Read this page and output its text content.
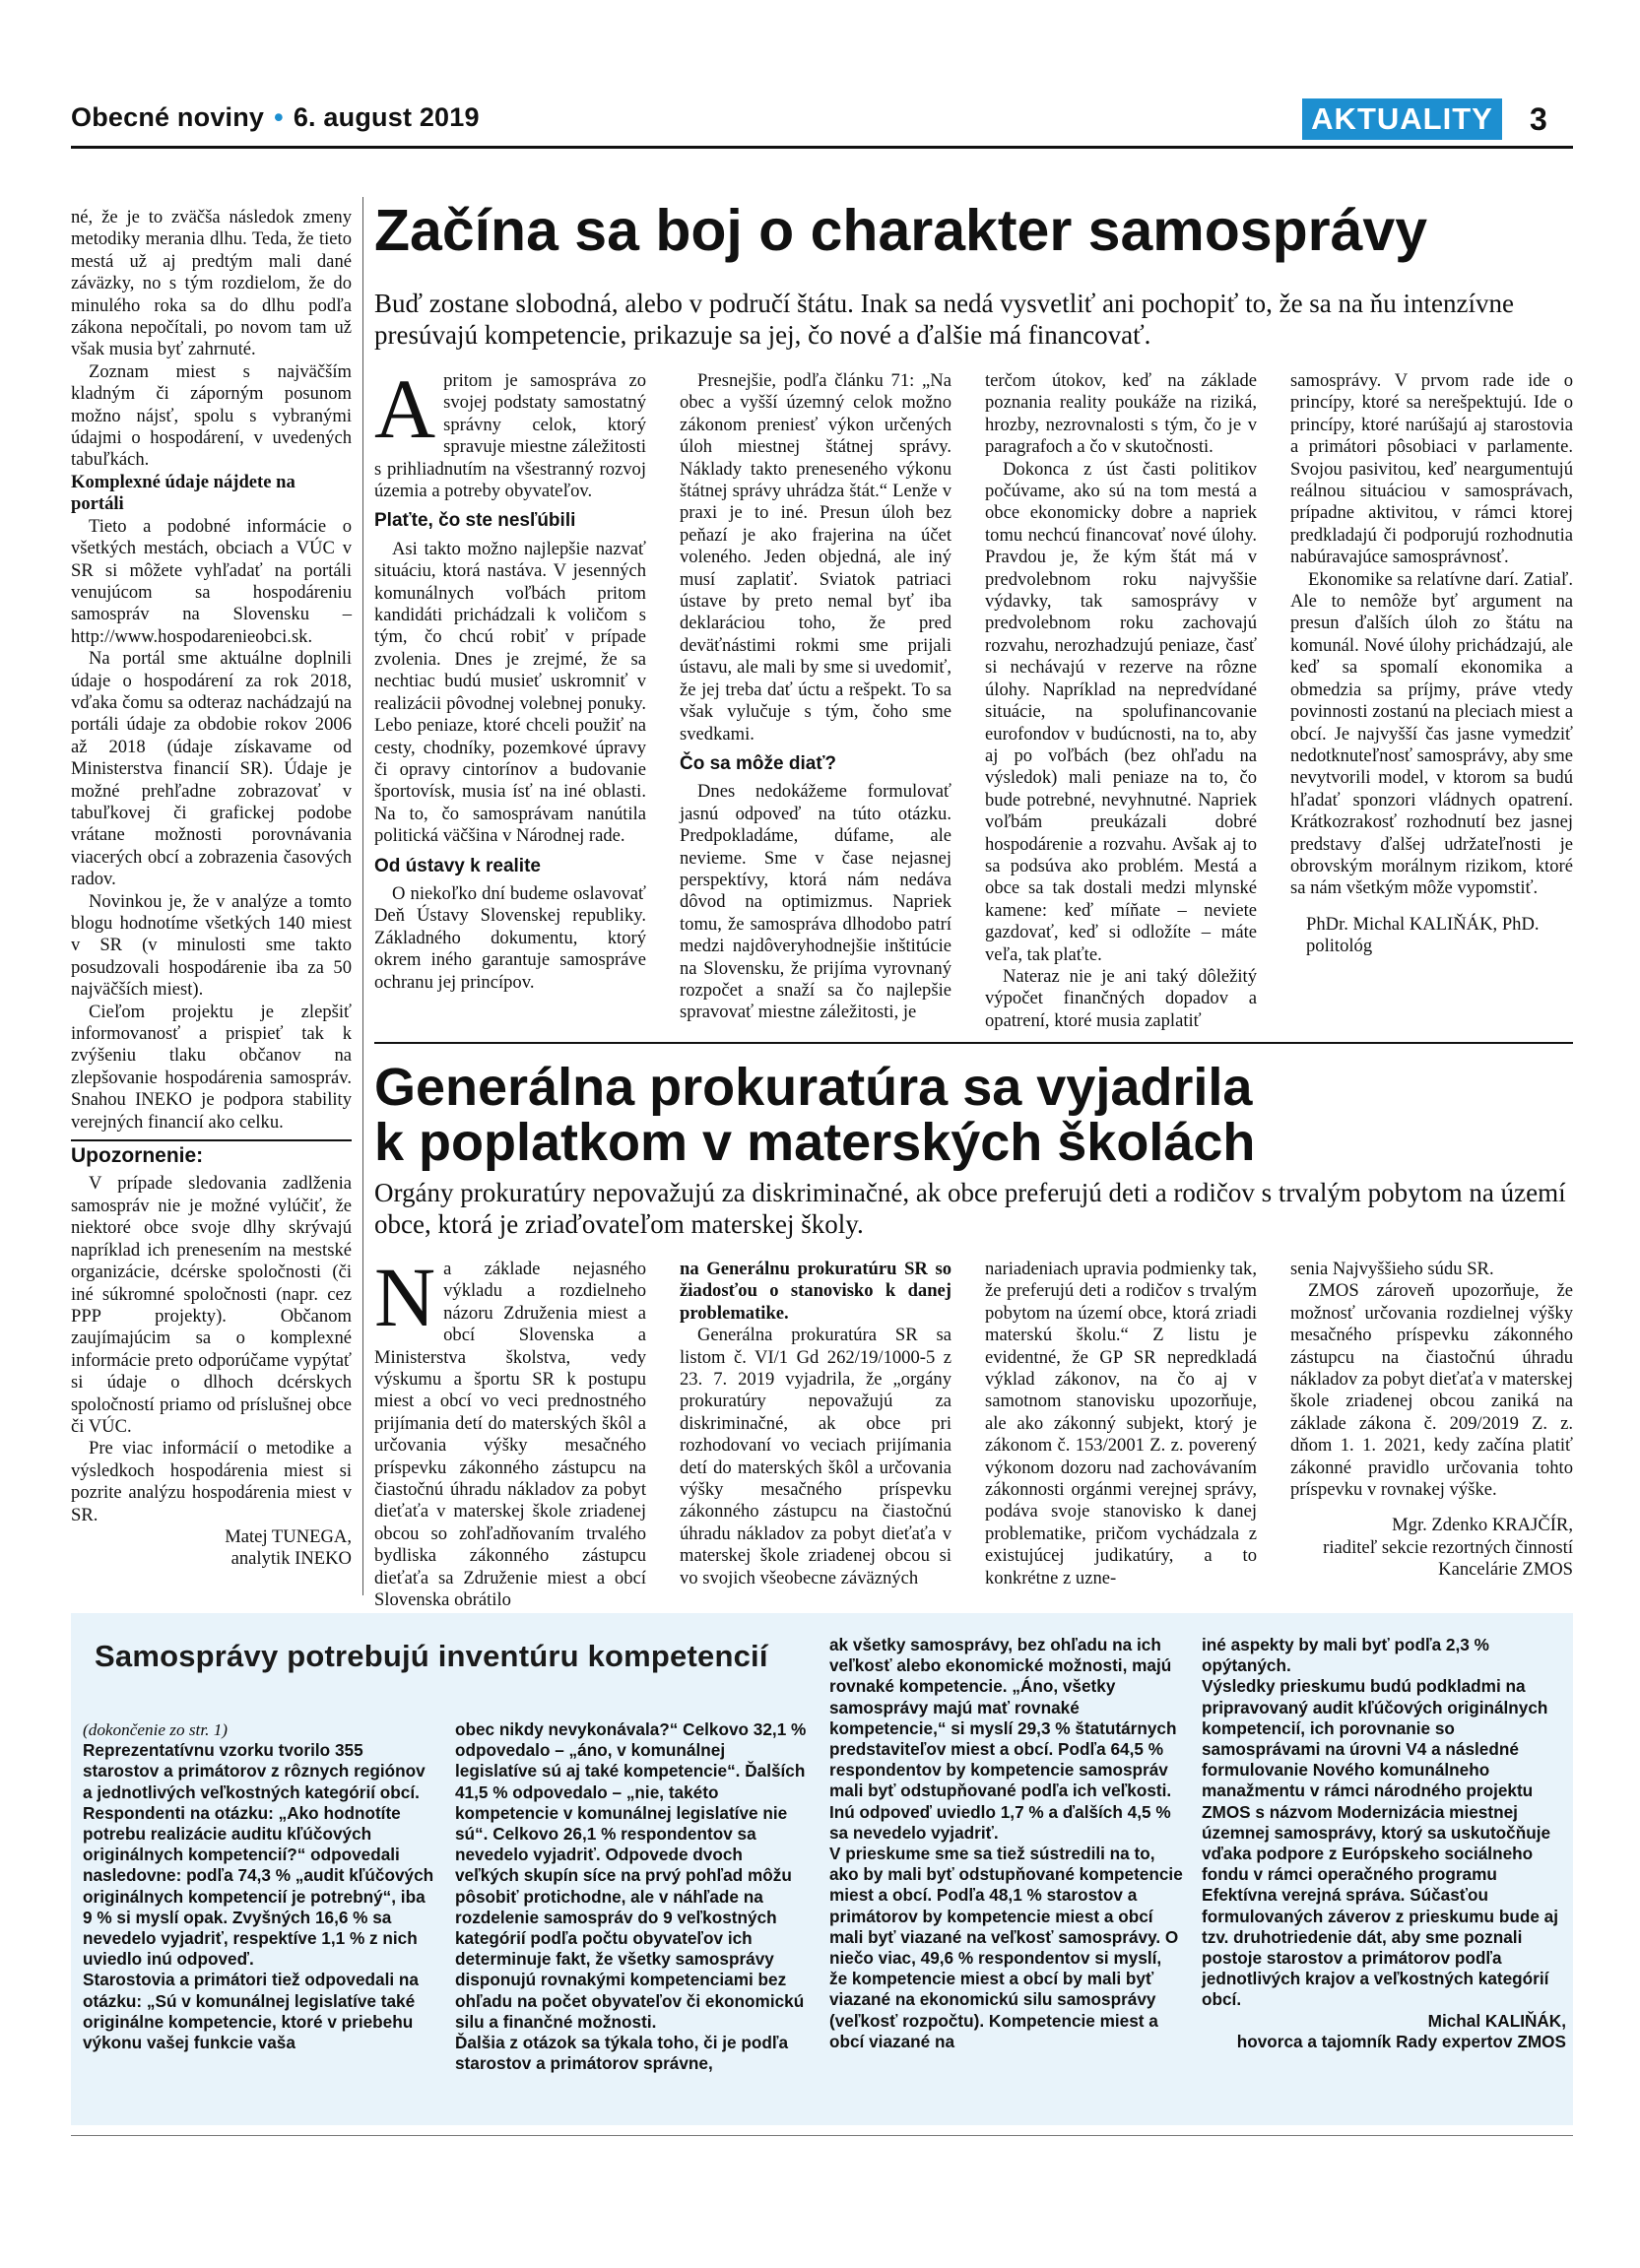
Obecné noviny • 6. august 2019	AKTUALITY 3

né, že je to zväčša následok zmeny metodiky merania dlhu. Teda, že tieto mestá už aj predtým mali dané záväzky, no s tým rozdielom, že do minulého roka sa do dlhu podľa zákona nepočítali, po novom tam už však musia byť zahrnuté.

Zoznam miest s najväčším kladným či záporným posunom možno nájsť, spolu s vybranými údajmi o hospodárení, v uvedených tabuľkách.

Komplexné údaje nájdete na portáli

Tieto a podobné informácie o všetkých mestách, obciach a VÚC v SR si môžete vyhľadať na portáli venujúcom sa hospodáreniu samospráv na Slovensku – http://www.hospodarenieobci.sk.

Na portál sme aktuálne doplnili údaje o hospodárení za rok 2018, vďaka čomu sa odteraz nachádzajú na portáli údaje za obdobie rokov 2006 až 2018 (údaje získavame od Ministerstva financií SR). Údaje je možné prehľadne zobrazovať v tabuľkovej či grafickej podobe vrátane možnosti porovnávania viacerých obcí a zobrazenia časových radov.

Novinkou je, že v analýze a tomto blogu hodnotíme všetkých 140 miest v SR (v minulosti sme takto posudzovali hospodárenie iba za 50 najväčších miest).

Cieľom projektu je zlepšiť informovanosť a prispieť tak k zvýšeniu tlaku občanov na zlepšovanie hospodárenia samospráv. Snahou INEKO je podpora stability verejných financií ako celku.

Upozornenie:

V prípade sledovania zadlženia samospráv nie je možné vylúčiť, že niektoré obce svoje dlhy skrývajú napríklad ich prenesením na mestské organizácie, dcérske spoločnosti (či iné súkromné spoločnosti (napr. cez PPP projekty). Občanom zaujímajúcim sa o komplexné informácie preto odporúčame vypýtať si údaje o dlhoch dcérskych spoločností priamo od príslušnej obce či VÚC.

Pre viac informácií o metodike a výsledkoch hospodárenia miest si pozrite analýzu hospodárenia miest v SR.

Matej TUNEGA,

analytik INEKO

Začína sa boj o charakter samosprávy
Buď zostane slobodná, alebo v područí štátu. Inak sa nedá vysvetliť ani pochopiť to, že sa na ňu intenzívne presúvajú kompetencie, prikazuje sa jej, čo nové a ďalšie má financovať.

Apritom je samospráva zo svojej podstaty samostatný správny celok, ktorý spravuje miestne záležitosti s prihliadnutím na všestranný rozvoj územia a potreby obyvateľov.

Plaťte, čo ste nesľúbili

Asi takto možno najlepšie nazvať situáciu, ktorá nastáva. V jesenných komunálnych voľbách pritom kandidáti prichádzali k voličom s tým, čo chcú robiť v prípade zvolenia. Dnes je zrejmé, že sa nechtiac budú musieť uskromniť v realizácii pôvodnej volebnej ponuky. Lebo peniaze, ktoré chceli použiť na cesty, chodníky, pozemkové úpravy či opravy cintorínov a budovanie športovísk, musia ísť na iné oblasti. Na to, čo samosprávam nanútila politická väčšina v Národnej rade.

Od ústavy k realite

O niekoľko dní budeme oslavovať Deň Ústavy Slovenskej republiky. Základného dokumentu, ktorý okrem iného garantuje samospráve ochranu jej princípov.

Presnejšie, podľa článku 71: „Na obec a vyšší územný celok možno zákonom preniesť výkon určených úloh miestnej štátnej správy. Náklady takto preneseného výkonu štátnej správy uhrádza štát.“ Lenže v praxi je to iné. Presun úloh bez peňazí je ako frajerina na účet voleného. Jeden objedná, ale iný musí zaplatiť. Sviatok patriaci ústave by preto nemal byť iba deklaráciou toho, že pred deväťnástimi rokmi sme prijali ústavu, ale mali by sme si uvedomiť, že jej treba dať úctu a rešpekt. To sa však vylučuje s tým, čoho sme svedkami.

Čo sa môže diať?

Dnes nedokážeme formulovať jasnú odpoveď na túto otázku. Predpokladáme, dúfame, ale nevieme. Sme v čase nejasnej perspektívy, ktorá nám nedáva dôvod na optimizmus. Napriek tomu, že samospráva dlhodobo patrí medzi najdôveryhodnejšie inštitúcie na Slovensku, že prijíma vyrovnaný rozpočet a snaží sa čo najlepšie spravovať miestne záležitosti, je

terčom útokov, keď na základe poznania reality poukáže na riziká, hrozby, nezrovnalosti s tým, čo je v paragrafoch a čo v skutočnosti.

Dokonca z úst časti politikov počúvame, ako sú na tom mestá a obce ekonomicky dobre a napriek tomu nechcú financovať nové úlohy. Pravdou je, že kým štát má v predvolebnom roku najvyššie výdavky, tak samosprávy v predvolebnom roku zachovajú rozvahu, nerozhadzujú peniaze, časť si nechávajú v rezerve na rôzne úlohy. Napríklad na nepredvídané situácie, na spolufinancovanie eurofondov v budúcnosti, na to, aby aj po voľbách (bez ohľadu na výsledok) mali peniaze na to, čo bude potrebné, nevyhnutné. Napriek voľbám preukázali dobré hospodárenie a rozvahu. Avšak aj to sa podsúva ako problém. Mestá a obce sa tak dostali medzi mlynské kamene: keď míňate – neviete gazdovať, keď si odložíte – máte veľa, tak plaťte.

Nateraz nie je ani taký dôležitý výpočet finančných dopadov a opatrení, ktoré musia zaplatiť

samosprávy. V prvom rade ide o princípy, ktoré sa nerešpektujú. Ide o princípy, ktoré narúšajú aj starostovia a primátori pôsobiaci v parlamente. Svojou pasivitou, keď neargumentujú reálnou situáciou v samosprávach, prípadne aktivitou, v rámci ktorej predkladajú či podporujú rozhodnutia nabúravajúce samosprávnosť.

Ekonomike sa relatívne darí. Zatiaľ. Ale to nemôže byť argument na presun ďalších úloh zo štátu na komunál. Nové úlohy prichádzajú, ale keď sa spomalí ekonomika a obmedzia sa príjmy, práve vtedy povinnosti zostanú na pleciach miest a obcí. Je najvyšší čas jasne vymedziť nedotknuteľnosť samosprávy, aby sme nevytvorili model, v ktorom sa budú hľadať sponzori vládnych opatrení. Krátkozrakosť rozhodnutí bez jasnej predstavy ďalšej udržateľnosti je obrovským morálnym rizikom, ktoré sa nám všetkým môže vypomstiť.

PhDr. Michal KALIŇÁK, PhD.

politológ

Generálna prokuratúra sa vyjadrila
k poplatkom v materských školách
Orgány prokuratúry nepovažujú za diskriminačné, ak obce preferujú deti a rodičov s trvalým pobytom na území obce, ktorá je zriaďovateľom materskej školy.

Na základe nejasného výkladu a rozdielneho názoru Združenia miest a obcí Slovenska a Ministerstva školstva, vedy výskumu a športu SR k postupu miest a obcí vo veci prednostného prijímania detí do materských škôl a určovania výšky mesačného príspevku zákonného zástupcu na čiastočnú úhradu nákladov za pobyt dieťaťa v materskej škole zriadenej obcou so zohľadňovaním trvalého bydliska zákonného zástupcu dieťaťa sa Združenie miest a obcí Slovenska obrátilo

na Generálnu prokuratúru SR so žiadosťou o stanovisko k danej problematike.

Generálna prokuratúra SR sa listom č. VI/1 Gd 262/19/1000-5 z 23. 7. 2019 vyjadrila, že „orgány prokuratúry nepovažujú za diskriminačné, ak obce pri rozhodovaní vo veciach prijímania detí do materských škôl a určovania výšky mesačného príspevku zákonného zástupcu na čiastočnú úhradu nákladov za pobyt dieťaťa v materskej škole zriadenej obcou si vo svojich všeobecne záväzných

nariadeniach upravia podmienky tak, že preferujú deti a rodičov s trvalým pobytom na území obce, ktorá zriadi materskú školu.“ Z listu je evidentné, že GP SR nepredkladá výklad zákonov, na čo aj v samotnom stanovisku upozorňuje, ale ako zákonný subjekt, ktorý je zákonom č. 153/2001 Z. z. poverený výkonom dozoru nad zachovávaním zákonnosti orgánmi verejnej správy, podáva svoje stanovisko k danej problematike, pričom vychádzala z existujúcej judikatúry, a to konkrétne z uzne-

senia Najvyššieho súdu SR.

ZMOS zároveň upozorňuje, že možnosť určovania rozdielnej výšky mesačného príspevku zákonného zástupcu na čiastočnú úhradu nákladov za pobyt dieťaťa v materskej škole zriadenej obcou zaniká na základe zákona č. 209/2019 Z. z. dňom 1. 1. 2021, kedy začína platiť zákonné pravidlo určovania tohto príspevku v rovnakej výške.

Mgr. Zdenko KRAJČÍR,

riaditeľ sekcie rezortných činností Kancelárie ZMOS

Samosprávy potrebujú inventúru kompetencií

(dokončenie zo str. 1)

Reprezentatívnu vzorku tvorilo 355 starostov a primátorov z rôznych regiónov a jednotlivých veľkostných kategórií obcí. Respondenti na otázku: „Ako hodnotíte potrebu realizácie auditu kľúčových originálnych kompetencií?“ odpovedali nasledovne: podľa 74,3 % „audit kľúčových originálnych kompetencií je potrebný“, iba 9 % si myslí opak. Zvyšných 16,6 % sa nevedelo vyjadriť, respektíve 1,1 % z nich uviedlo inú odpoveď.

Starostovia a primátori tiež odpovedali na otázku: „Sú v komunálnej legislatíve také originálne kompetencie, ktoré v priebehu výkonu vašej funkcie vaša

obec nikdy nevykonávala?“ Celkovo 32,1 % odpovedalo – „áno, v komunálnej legislatíve sú aj také kompetencie“. Ďalších 41,5 % odpovedalo – „nie, takéto kompetencie v komunálnej legislatíve nie sú“. Celkovo 26,1 % respondentov sa nevedelo vyjadriť. Odpovede dvoch veľkých skupín síce na prvý pohľad môžu pôsobiť protichodne, ale v náhľade na rozdelenie samospráv do 9 veľkostných kategórií podľa počtu obyvateľov ich determinuje fakt, že všetky samosprávy disponujú rovnakými kompetenciami bez ohľadu na počet obyvateľov či ekonomickú silu a finančné možnosti.

Ďalšia z otázok sa týkala toho, či je podľa starostov a primátorov správne,

ak všetky samosprávy, bez ohľadu na ich veľkosť alebo ekonomické možnosti, majú rovnaké kompetencie. „Áno, všetky samosprávy majú mať rovnaké kompetencie,“ si myslí 29,3 % štatutárnych predstaviteľov miest a obcí. Podľa 64,5 % respondentov by kompetencie samospráv mali byť odstupňované podľa ich veľkosti. Inú odpoveď uviedlo 1,7 % a ďalších 4,5 % sa nevedelo vyjadriť.

V prieskume sme sa tiež sústredili na to, ako by mali byť odstupňované kompetencie miest a obcí. Podľa 48,1 % starostov a primátorov by kompetencie miest a obcí mali byť viazané na veľkosť samosprávy. O niečo viac, 49,6 % respondentov si myslí, že kompetencie miest a obcí by mali byť viazané na ekonomickú silu samosprávy (veľkosť rozpočtu). Kompetencie miest a obcí viazané na

iné aspekty by mali byť podľa 2,3 % opýtaných.

Výsledky prieskumu budú podkladmi na pripravovaný audit kľúčových originálnych kompetencií, ich porovnanie so samosprávami na úrovni V4 a následné formulovanie Nového komunálneho manažmentu v rámci národného projektu ZMOS s názvom Modernizácia miestnej územnej samosprávy, ktorý sa uskutočňuje vďaka podpore z Európskeho sociálneho fondu v rámci operačného programu Efektívna verejná správa. Súčasťou formulovaných záverov z prieskumu bude aj tzv. druhotriedenie dát, aby sme poznali postoje starostov a primátorov podľa jednotlivých krajov a veľkostných kategórií obcí.

Michal KALIŇÁK,

hovorca a tajomník Rady expertov ZMOS
